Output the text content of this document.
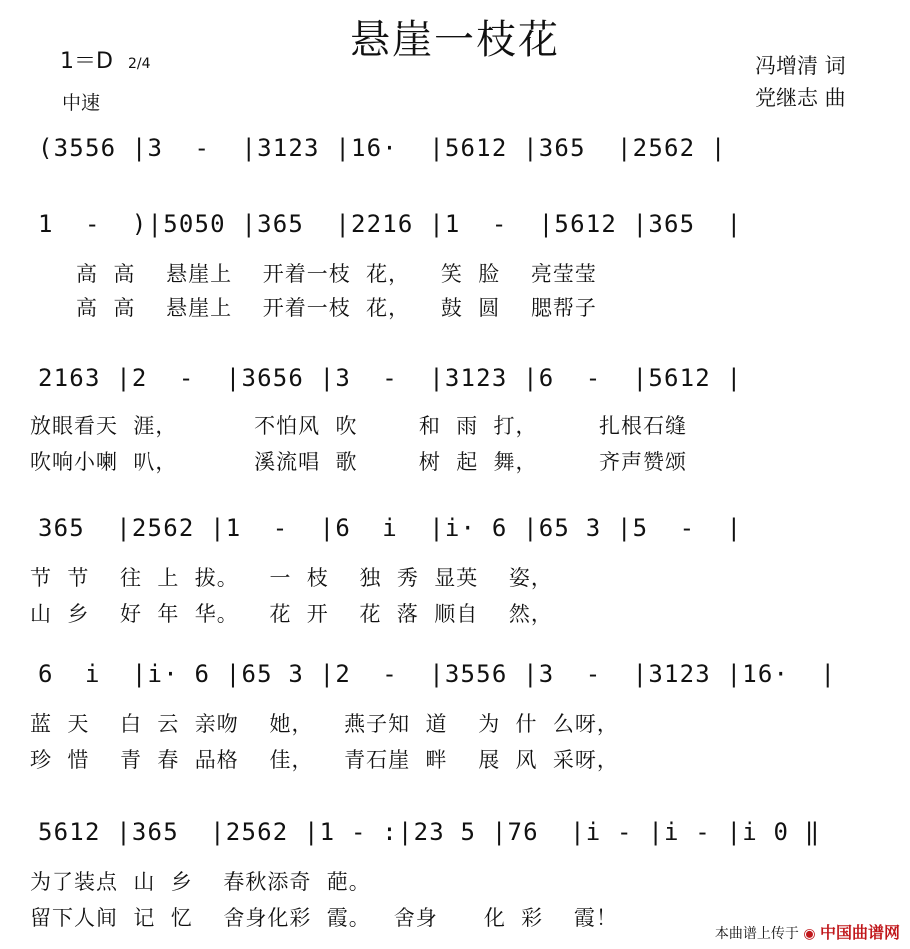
悬崖一枝花
1＝D 2/4
中速
冯增清 词
党继志 曲
(3556 |3  -  |3123 |16·  |5612 |365  |2562 |
1  -  )|5050 |365  |2216 |1  -  |5612 |365  |
高  高    悬崖上    开着一枝  花，    笑  脸    亮莹莹
高  高    悬崖上    开着一枝  花，    鼓  圆    腮帮子
2163 |2  -  |3656 |3  -  |3123 |6  -  |5612 |
放眼看天  涯，          不怕风  吹        和  雨  打，        扎根石缝
吹响小喇  叭，          溪流唱  歌        树  起  舞，        齐声赞颂
365  |2562 |1  -  |6  i  |i· 6 |65 3 |5  -  |
节  节    往  上  拔。    一  枝    独  秀  显英    姿，
山  乡    好  年  华。    花  开    花  落  顺自    然，
6  i  |i· 6 |65 3 |2  -  |3556 |3  -  |3123 |16·  |
蓝  天    白  云  亲吻    她，    燕子知  道    为  什  么呀，
珍  惜    青  春  品格    佳，    青石崖  畔    展  风  采呀，
5612 |365  |2562 |1 - :|23 5 |76  |i - |i - |i 0 ‖
为了装点  山  乡    春秋添奇  葩。
留下人间  记  忆    舍身化彩  霞。   舍身      化  彩    霞！
本曲谱上传于 ◉ 中国曲谱网
